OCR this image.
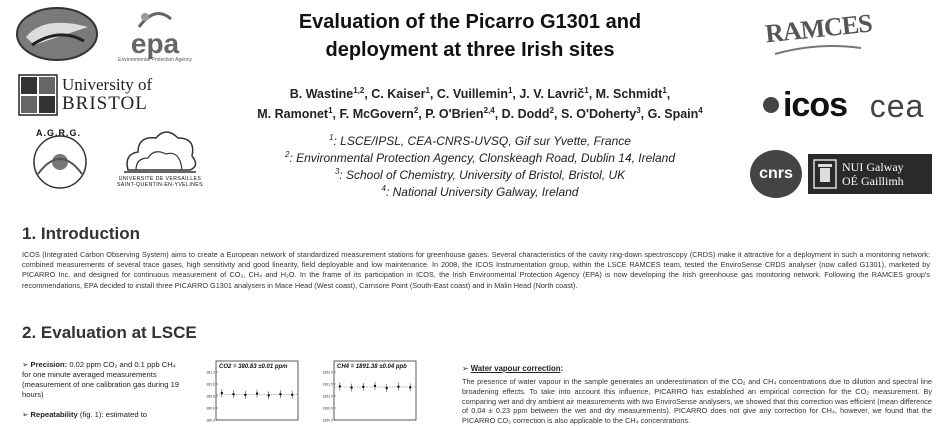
epa
Environmental Protection Agency
University of
BRISTOL
A.G.R.G.
UNIVERSITÉ DE VERSAILLES
SAINT-QUENTIN-EN-YVELINES
Evaluation of the Picarro G1301 and
deployment at three Irish sites
B. Wastine$^{1,2}$, C. Kaiser$^1$, C. Vuillemin$^1$, J. V. Lavrič$^1$, M. Schmidt$^1$,
M. Ramonet$^1$, F. McGovern$^2$, P. O'Brien$^{2,4}$, D. Dodd$^2$, S. O'Doherty$^3$, G. Spain$^4$
$^1$: LSCE/IPSL, CEA-CNRS-UVSQ, Gif sur Yvette, France
$^2$: Environmental Protection Agency, Clonskeagh Road, Dublin 14, Ireland
$^3$: School of Chemistry, University of Bristol, Bristol, UK
$^4$: National University Galway, Ireland
RAMCES
icos cea
cnrs	NUI Galway
OÉ Gaillimh
1. Introduction
ICOS (Integrated Carbon Observing System) aims to create a European network of standardized measurement stations for greenhouse gases. Several characteristics of the cavity ring-down spectroscopy (CRDS) make it attractive for a deployment in such a monitoring network: combined measurements of several trace gases, high sensitivity and good linearity, field deployable and low maintenance. In 2008, the ICOS Instrumentation group, within the LSCE RAMCES team, tested the EnviroSense CRDS analyser (now called G1301), marketed by PICARRO Inc. and designed for continuous measurement of CO₂, CH₄ and H₂O. In the frame of its participation in ICOS, the Irish Environmental Protection Agency (EPA) is now developing the Irish greenhouse gas monitoring network. Following the RAMCES group's recommendations, EPA decided to install three PICARRO G1301 analysers in Mace Head (West coast), Carnsore Point (South-East coast) and in Malin Head (North coast).
2. Evaluation at LSCE
➢ Precision: 0.02 ppm CO₂ and 0.1 ppb CH₄ for one minute averaged measurements (measurement of one calibration gas during 19 hours)
➢ Repeatability (fig. 1): estimated to
CO2 = 380.83 ±0.01 ppm
381.2
381.0
380.8
380.6
380.4
CH4 = 1891.38 ±0.04 ppb
1892.0
1891.5
1891.0
1890.5
1890.0
➢ Water vapour correction:
The presence of water vapour in the sample generates an underestimation of the CO₂ and CH₄ concentrations due to dilution and spectral line broadening effects. To take into account this influence, PICARRO has established an empirical correction for the CO₂ measurement. By comparing wet and dry ambient air measurements with two EnviroSense analysers, we showed that this correction was efficient (mean difference of 0.04 ± 0.23 ppm between the wet and dry measurements). PICARRO does not give any correction for CH₄, however, we found that the PICARRO CO₂ correction is also applicable to the CH₄ concentrations.
